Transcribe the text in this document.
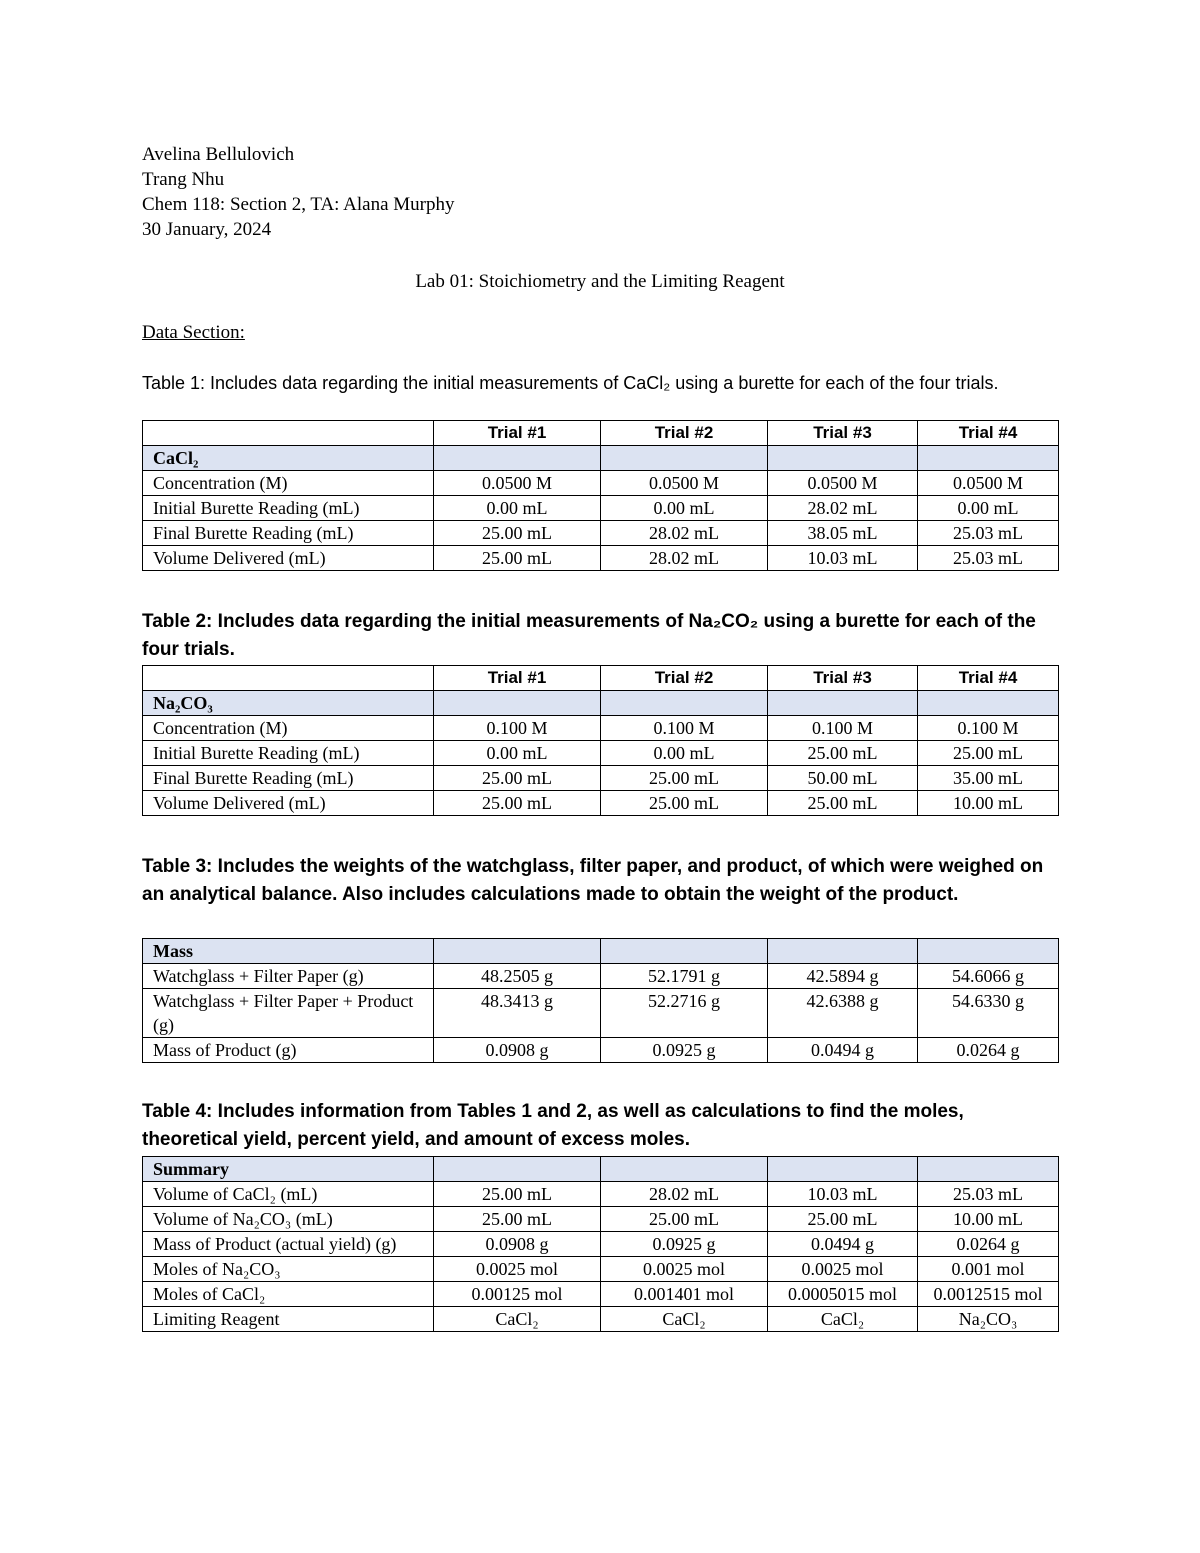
Avelina Bellulovich
Trang Nhu
Chem 118: Section 2, TA: Alana Murphy
30 January, 2024
Lab 01: Stoichiometry and the Limiting Reagent
Data Section:
Table 1: Includes data regarding the initial measurements of CaCl₂ using a burette for each of the four trials.
	Trial #1	Trial #2	Trial #3	Trial #4
CaCl₂				
Concentration (M)	0.0500 M	0.0500 M	0.0500 M	0.0500 M
Initial Burette Reading (mL)	0.00 mL	0.00 mL	28.02 mL	0.00 mL
Final Burette Reading (mL)	25.00 mL	28.02 mL	38.05 mL	25.03 mL
Volume Delivered (mL)	25.00 mL	28.02 mL	10.03 mL	25.03 mL
Table 2: Includes data regarding the initial measurements of Na₂CO₂ using a burette for each of the four trials.
	Trial #1	Trial #2	Trial #3	Trial #4
Na₂CO₃				
Concentration (M)	0.100 M	0.100 M	0.100 M	0.100 M
Initial Burette Reading (mL)	0.00 mL	0.00 mL	25.00 mL	25.00 mL
Final Burette Reading (mL)	25.00 mL	25.00 mL	50.00 mL	35.00 mL
Volume Delivered (mL)	25.00 mL	25.00 mL	25.00 mL	10.00 mL
Table 3: Includes the weights of the watchglass, filter paper, and product, of which were weighed on an analytical balance. Also includes calculations made to obtain the weight of the product.
Mass				
Watchglass + Filter Paper (g)	48.2505 g	52.1791 g	42.5894 g	54.6066 g
Watchglass + Filter Paper + Product (g)	48.3413 g	52.2716 g	42.6388 g	54.6330 g
Mass of Product (g)	0.0908 g	0.0925 g	0.0494 g	0.0264 g
Table 4: Includes information from Tables 1 and 2, as well as calculations to find the moles, theoretical yield, percent yield, and amount of excess moles.
Summary				
Volume of CaCl₂ (mL)	25.00 mL	28.02 mL	10.03 mL	25.03 mL
Volume of Na₂CO₃ (mL)	25.00 mL	25.00 mL	25.00 mL	10.00 mL
Mass of Product (actual yield) (g)	0.0908 g	0.0925 g	0.0494 g	0.0264 g
Moles of Na₂CO₃	0.0025 mol	0.0025 mol	0.0025 mol	0.001 mol
Moles of CaCl₂	0.00125 mol	0.001401 mol	0.0005015 mol	0.0012515 mol
Limiting Reagent	CaCl₂	CaCl₂	CaCl₂	Na₂CO₃
